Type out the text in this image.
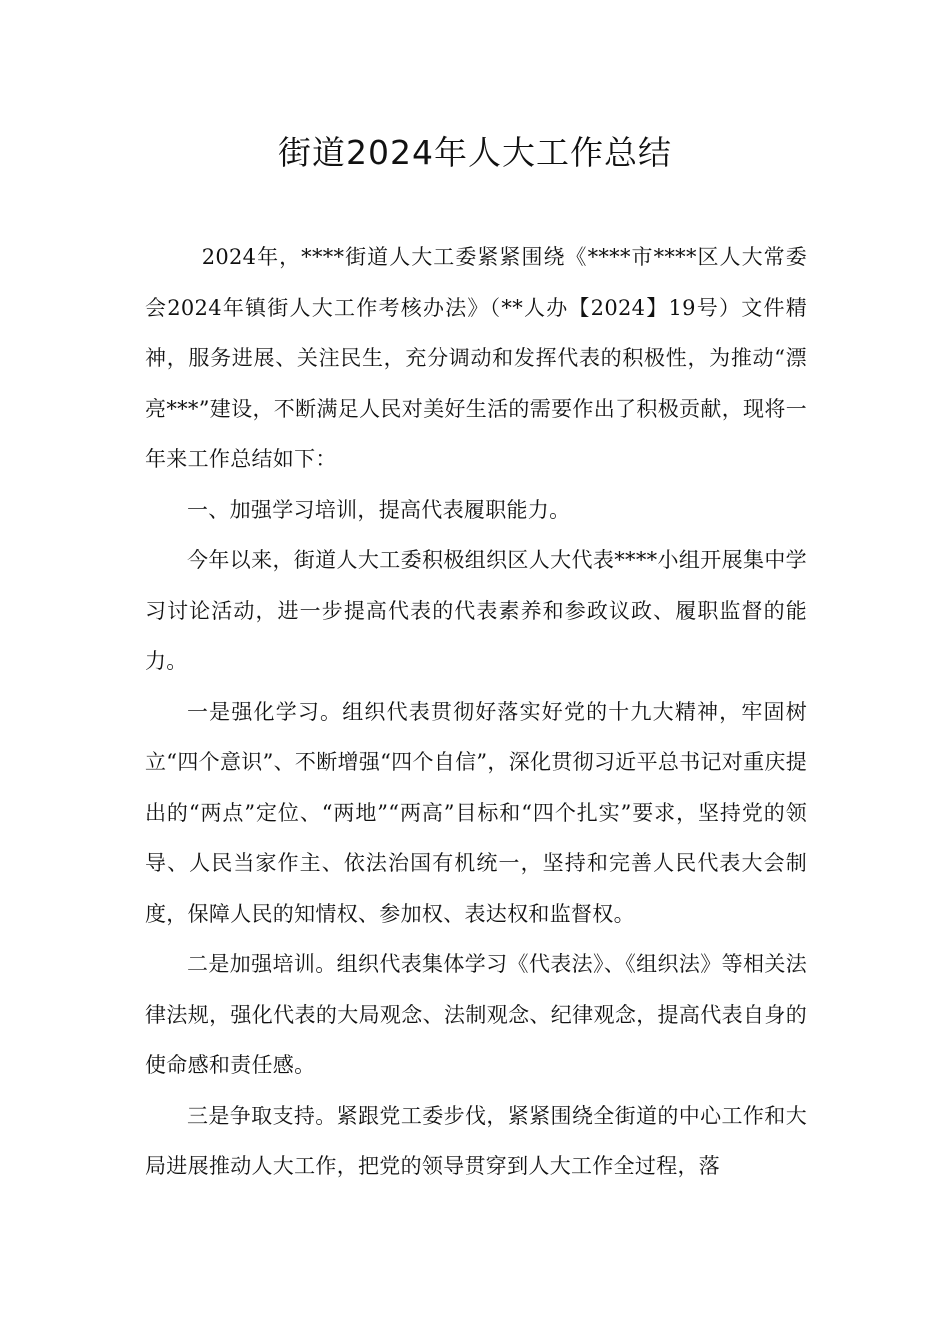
街道2024年人大工作总结

2024年，****街道人大工委紧紧围绕《****市****区人大常委会2024年镇街人大工作考核办法》（**人办【2024】19号）文件精神，服务进展、关注民生，充分调动和发挥代表的积极性，为推动“漂亮***”建设，不断满足人民对美好生活的需要作出了积极贡献，现将一年来工作总结如下：

一、加强学习培训，提高代表履职能力。

今年以来，街道人大工委积极组织区人大代表****小组开展集中学习讨论活动，进一步提高代表的代表素养和参政议政、履职监督的能力。

一是强化学习。组织代表贯彻好落实好党的十九大精神，牢固树立“四个意识”、不断增强“四个自信”，深化贯彻习近平总书记对重庆提出的“两点”定位、“两地”“两高”目标和“四个扎实”要求，坚持党的领导、人民当家作主、依法治国有机统一，坚持和完善人民代表大会制度，保障人民的知情权、参加权、表达权和监督权。

二是加强培训。组织代表集体学习《代表法》、《组织法》等相关法律法规，强化代表的大局观念、法制观念、纪律观念，提高代表自身的使命感和责任感。

三是争取支持。紧跟党工委步伐，紧紧围绕全街道的中心工作和大局进展推动人大工作，把党的领导贯穿到人大工作全过程，落
